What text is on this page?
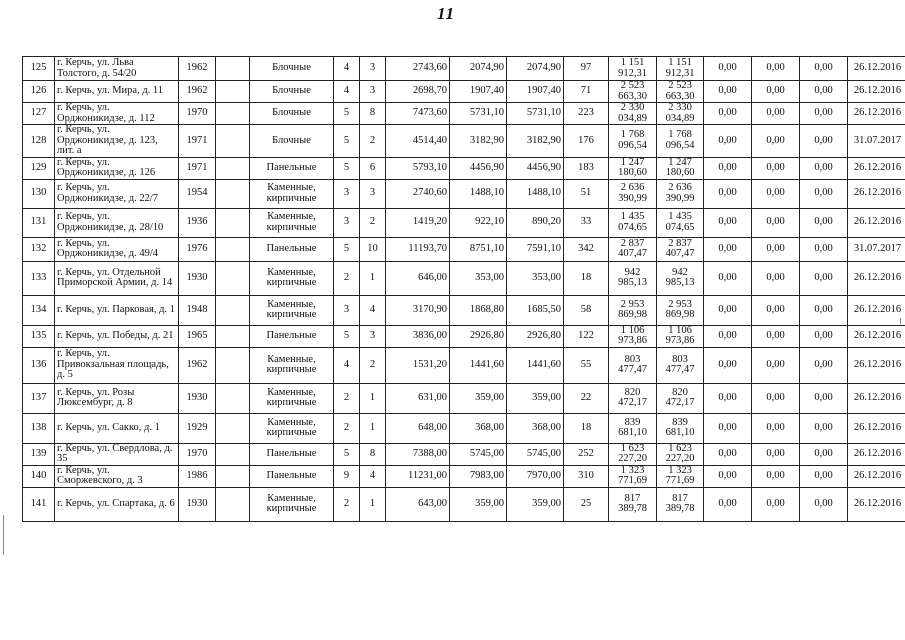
11
125	г. Керчь, ул. Льва Толстого, д. 54/20	1962		Блочные	4	3	2743,60	2074,90	2074,90	97	1 151 912,31	1 151 912,31	0,00	0,00	0,00	26.12.2016
126	г. Керчь, ул. Мира, д. 11	1962		Блочные	4	3	2698,70	1907,40	1907,40	71	2 523 663,30	2 523 663,30	0,00	0,00	0,00	26.12.2016
127	г. Керчь, ул. Орджоникидзе, д. 112	1970		Блочные	5	8	7473,60	5731,10	5731,10	223	2 330 034,89	2 330 034,89	0,00	0,00	0,00	26.12.2016
128	г. Керчь, ул. Орджоникидзе, д. 123, лит. а	1971		Блочные	5	2	4514,40	3182,90	3182,90	176	1 768 096,54	1 768 096,54	0,00	0,00	0,00	31.07.2017
129	г. Керчь, ул. Орджоникидзе, д. 126	1971		Панельные	5	6	5793,10	4456,90	4456,90	183	1 247 180,60	1 247 180,60	0,00	0,00	0,00	26.12.2016
130	г. Керчь, ул. Орджоникидзе, д. 22/7	1954		Каменные, кирпичные	3	3	2740,60	1488,10	1488,10	51	2 636 390,99	2 636 390,99	0,00	0,00	0,00	26.12.2016
131	г. Керчь, ул. Орджоникидзе, д. 28/10	1936		Каменные, кирпичные	3	2	1419,20	922,10	890,20	33	1 435 074,65	1 435 074,65	0,00	0,00	0,00	26.12.2016
132	г. Керчь, ул. Орджоникидзе, д. 49/4	1976		Панельные	5	10	11193,70	8751,10	7591,10	342	2 837 407,47	2 837 407,47	0,00	0,00	0,00	31.07.2017
133	г. Керчь, ул. Отдельной Приморской Армии, д. 14	1930		Каменные, кирпичные	2	1	646,00	353,00	353,00	18	942 985,13	942 985,13	0,00	0,00	0,00	26.12.2016
134	г. Керчь, ул. Парковая, д. 1	1948		Каменные, кирпичные	3	4	3170,90	1868,80	1685,50	58	2 953 869,98	2 953 869,98	0,00	0,00	0,00	26.12.2016
135	г. Керчь, ул. Победы, д. 21	1965		Панельные	5	3	3836,00	2926,80	2926,80	122	1 106 973,86	1 106 973,86	0,00	0,00	0,00	26.12.2016
136	г. Керчь, ул. Привокзальная площадь, д. 5	1962		Каменные, кирпичные	4	2	1531,20	1441,60	1441,60	55	803 477,47	803 477,47	0,00	0,00	0,00	26.12.2016
137	г. Керчь, ул. Розы Люксембург, д. 8	1930		Каменные, кирпичные	2	1	631,00	359,00	359,00	22	820 472,17	820 472,17	0,00	0,00	0,00	26.12.2016
138	г. Керчь, ул. Сакко, д. 1	1929		Каменные, кирпичные	2	1	648,00	368,00	368,00	18	839 681,10	839 681,10	0,00	0,00	0,00	26.12.2016
139	г. Керчь, ул. Свердлова, д. 35	1970		Панельные	5	8	7388,00	5745,00	5745,00	252	1 623 227,20	1 623 227,20	0,00	0,00	0,00	26.12.2016
140	г. Керчь, ул. Сморжевского, д. 3	1986		Панельные	9	4	11231,00	7983,00	7970,00	310	1 323 771,69	1 323 771,69	0,00	0,00	0,00	26.12.2016
141	г. Керчь, ул. Спартака, д. 6	1930		Каменные, кирпичные	2	1	643,00	359,00	359,00	25	817 389,78	817 389,78	0,00	0,00	0,00	26.12.2016
